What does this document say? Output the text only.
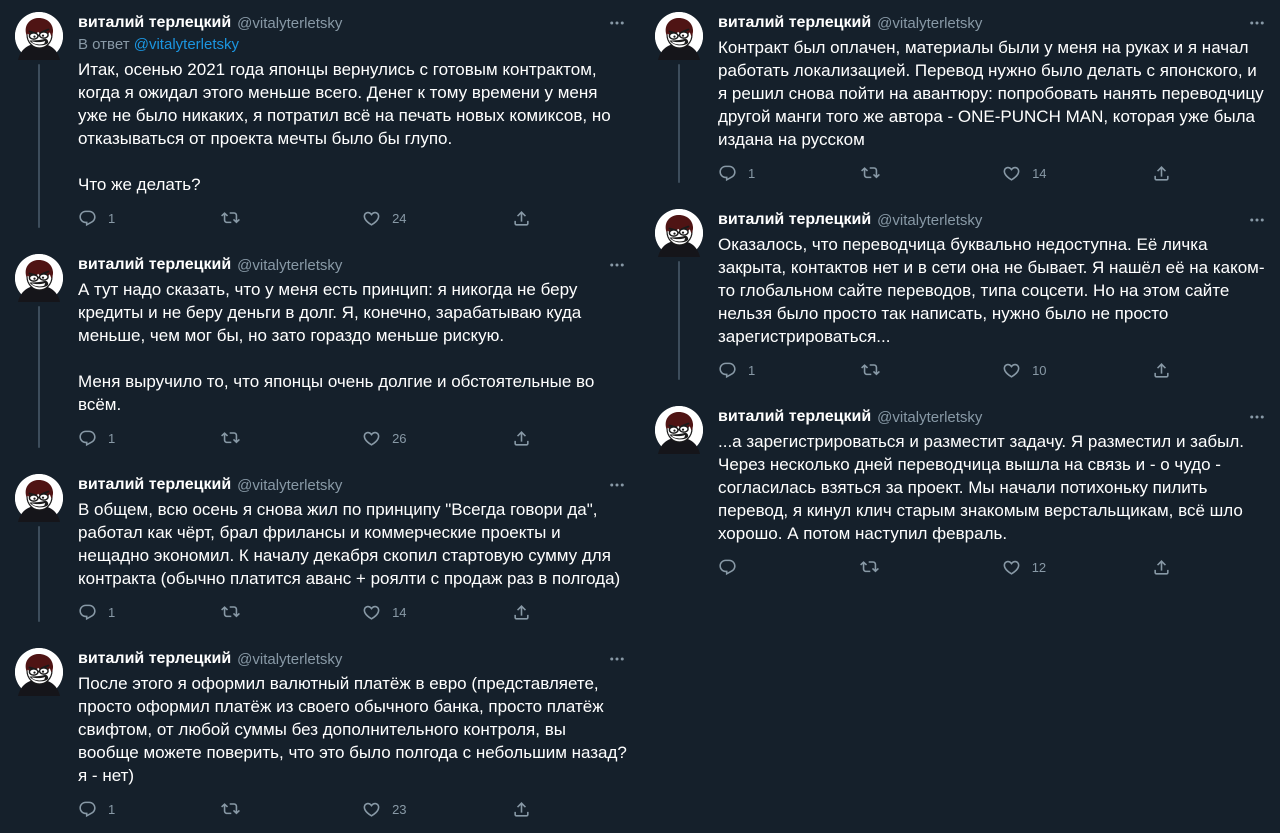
виталий терлецкий @vitalyterletsky
В ответ @vitalyterletsky

Итак, осенью 2021 года японцы вернулись с готовым контрактом, когда я ожидал этого меньше всего. Денег к тому времени у меня уже не было никаких, я потратил всё на печать новых комиксов, но отказываться от проекта мечты было бы глупо.

Что же делать?

1	24
виталий терлецкий @vitalyterletsky

А тут надо сказать, что у меня есть принцип: я никогда не беру кредиты и не беру деньги в долг. Я, конечно, зарабатываю куда меньше, чем мог бы, но зато гораздо меньше рискую.

Меня выручило то, что японцы очень долгие и обстоятельные во всём.

1	26
виталий терлецкий @vitalyterletsky

В общем, всю осень я снова жил по принципу "Всегда говори да", работал как чёрт, брал фрилансы и коммерческие проекты и нещадно экономил. К началу декабря скопил стартовую сумму для контракта (обычно платится аванс + роялти с продаж раз в полгода)

1	14
виталий терлецкий @vitalyterletsky

После этого я оформил валютный платёж в евро (представляете, просто оформил платёж из своего обычного банка, просто платёж свифтом, от любой суммы без дополнительного контроля, вы вообще можете поверить, что это было полгода с небольшим назад? я - нет)

1	23
виталий терлецкий @vitalyterletsky

Контракт был оплачен, материалы были у меня на руках и я начал работать локализацией. Перевод нужно было делать с японского, и я решил снова пойти на авантюру: попробовать нанять переводчицу другой манги того же автора - ONE-PUNCH MAN, которая уже была издана на русском

1	14
виталий терлецкий @vitalyterletsky

Оказалось, что переводчица буквально недоступна. Её личка закрыта, контактов нет и в сети она не бывает. Я нашёл её на каком-то глобальном сайте переводов, типа соцсети. Но на этом сайте нельзя было просто так написать, нужно было не просто зарегистрироваться...

1	10
виталий терлецкий @vitalyterletsky

...а зарегистрироваться и разместит задачу. Я разместил и забыл. Через несколько дней переводчица вышла на связь и - о чудо - согласилась взяться за проект. Мы начали потихоньку пилить перевод, я кинул клич старым знакомым верстальщикам, всё шло хорошо. А потом наступил февраль.

12
